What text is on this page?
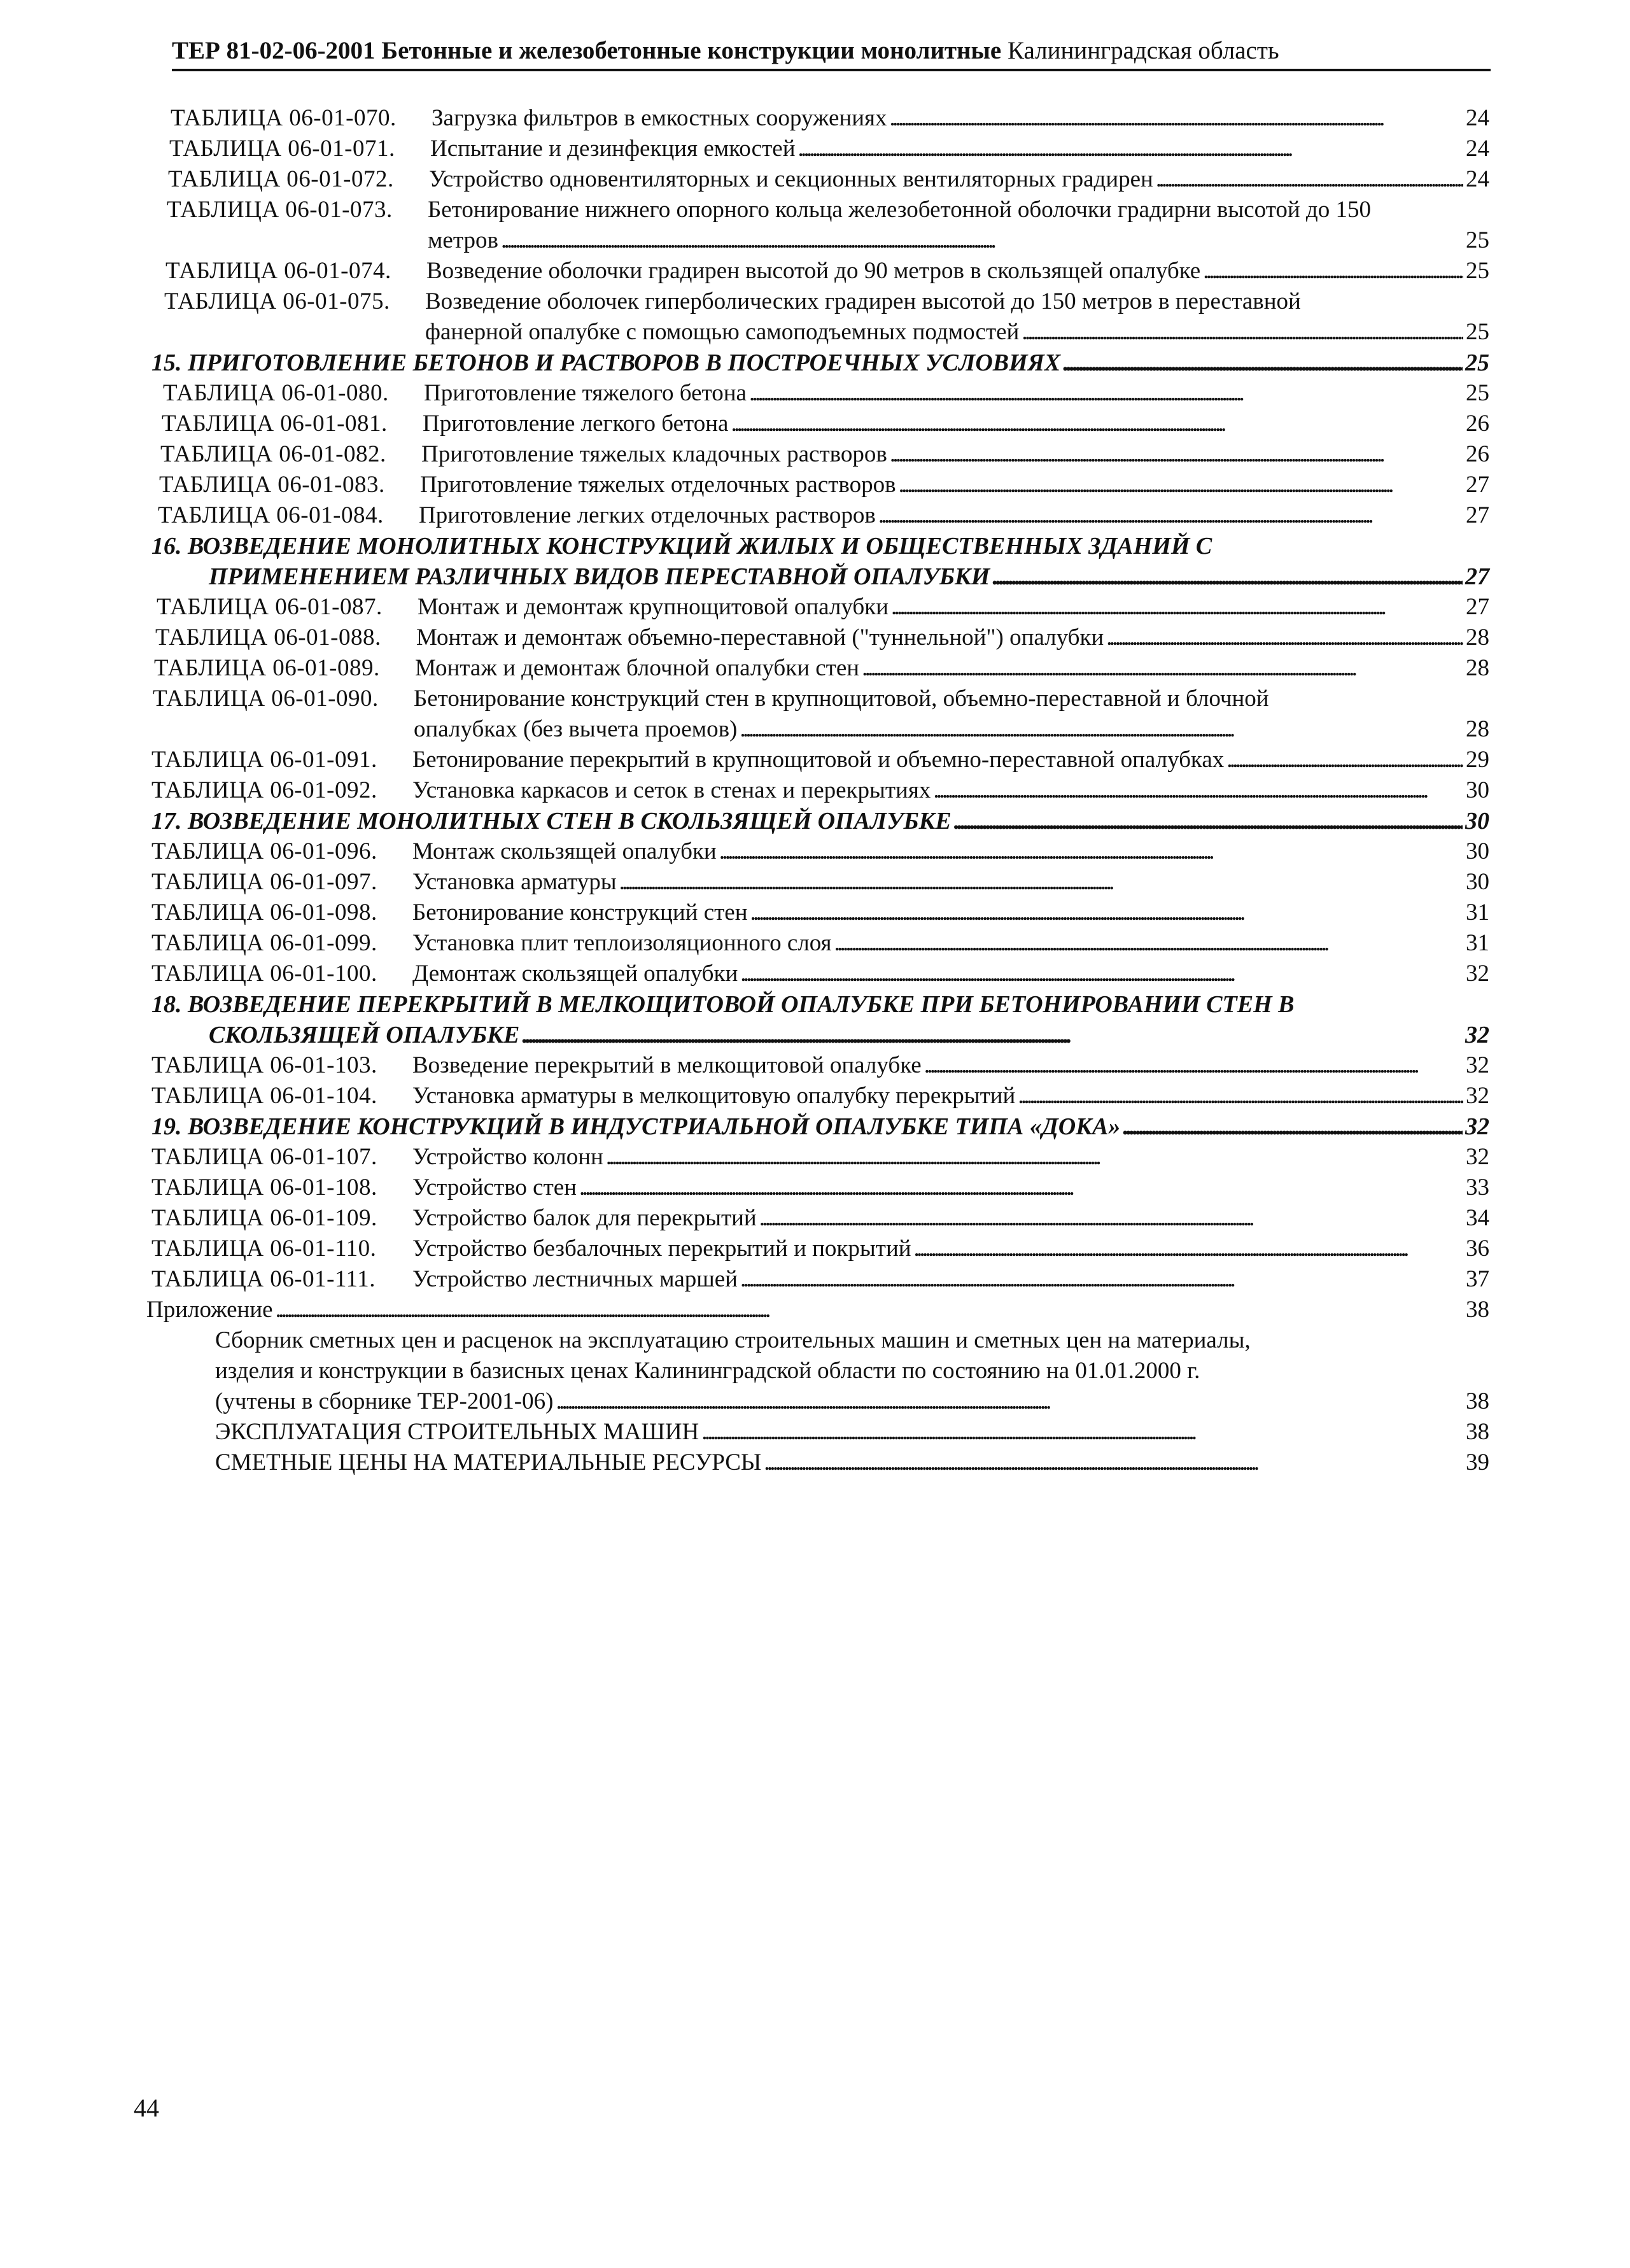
ТЕР 81-02-06-2001 Бетонные и железобетонные конструкции монолитные Калининградская область
ТАБЛИЦА 06-01-070.	Загрузка фильтров в емкостных сооружениях . . .	24
ТАБЛИЦА 06-01-071.	Испытание и дезинфекция емкостей . . .	24
ТАБЛИЦА 06-01-072.	Устройство одновентиляторных и секционных вентиляторных градирен . . .	24
ТАБЛИЦА 06-01-073.	Бетонирование нижнего опорного кольца железобетонной оболочки градирни высотой до 150
метров . . .	25
ТАБЛИЦА 06-01-074.	Возведение оболочки градирен высотой до 90 метров в скользящей опалубке . . .	25
ТАБЛИЦА 06-01-075.	Возведение оболочек гиперболических градирен высотой до 150 метров в переставной
фанерной опалубке с помощью самоподъемных подмостей . . .	25
15. ПРИГОТОВЛЕНИЕ БЕТОНОВ И РАСТВОРОВ В ПОСТРОЕЧНЫХ УСЛОВИЯХ . . .	25
ТАБЛИЦА 06-01-080.	Приготовление тяжелого бетона . . .	25
ТАБЛИЦА 06-01-081.	Приготовление легкого бетона . . .	26
ТАБЛИЦА 06-01-082.	Приготовление тяжелых кладочных растворов . . .	26
ТАБЛИЦА 06-01-083.	Приготовление тяжелых отделочных растворов . . .	27
ТАБЛИЦА 06-01-084.	Приготовление легких отделочных растворов . . .	27
16. ВОЗВЕДЕНИЕ МОНОЛИТНЫХ КОНСТРУКЦИЙ ЖИЛЫХ И ОБЩЕСТВЕННЫХ ЗДАНИЙ С
ПРИМЕНЕНИЕМ РАЗЛИЧНЫХ ВИДОВ ПЕРЕСТАВНОЙ ОПАЛУБКИ . . .	27
ТАБЛИЦА 06-01-087.	Монтаж и демонтаж крупнощитовой опалубки . . .	27
ТАБЛИЦА 06-01-088.	Монтаж и демонтаж объемно-переставной ("туннельной") опалубки . . .	28
ТАБЛИЦА 06-01-089.	Монтаж и демонтаж блочной опалубки стен . . .	28
ТАБЛИЦА 06-01-090.	Бетонирование конструкций стен в крупнощитовой, объемно-переставной и блочной
опалубках (без вычета проемов) . . .	28
ТАБЛИЦА 06-01-091.	Бетонирование перекрытий в крупнощитовой и объемно-переставной опалубках . . .	29
ТАБЛИЦА 06-01-092.	Установка каркасов и сеток в стенах и перекрытиях . . .	30
17. ВОЗВЕДЕНИЕ МОНОЛИТНЫХ СТЕН В СКОЛЬЗЯЩЕЙ ОПАЛУБКЕ . . .	30
ТАБЛИЦА 06-01-096.	Монтаж скользящей опалубки . . .	30
ТАБЛИЦА 06-01-097.	Установка арматуры . . .	30
ТАБЛИЦА 06-01-098.	Бетонирование конструкций стен . . .	31
ТАБЛИЦА 06-01-099.	Установка плит теплоизоляционного слоя . . .	31
ТАБЛИЦА 06-01-100.	Демонтаж скользящей опалубки . . .	32
18. ВОЗВЕДЕНИЕ ПЕРЕКРЫТИЙ В МЕЛКОЩИТОВОЙ ОПАЛУБКЕ ПРИ БЕТОНИРОВАНИИ СТЕН В
СКОЛЬЗЯЩЕЙ ОПАЛУБКЕ . . .	32
ТАБЛИЦА 06-01-103.	Возведение перекрытий в мелкощитовой опалубке . . .	32
ТАБЛИЦА 06-01-104.	Установка арматуры в мелкощитовую опалубку перекрытий . . .	32
19. ВОЗВЕДЕНИЕ КОНСТРУКЦИЙ В ИНДУСТРИАЛЬНОЙ ОПАЛУБКЕ ТИПА «ДОКА» . . .	32
ТАБЛИЦА 06-01-107.	Устройство колонн . . .	32
ТАБЛИЦА 06-01-108.	Устройство стен . . .	33
ТАБЛИЦА 06-01-109.	Устройство балок для перекрытий . . .	34
ТАБЛИЦА 06-01-110.	Устройство безбалочных перекрытий и покрытий . . .	36
ТАБЛИЦА 06-01-111.	Устройство лестничных маршей . . .	37
Приложение . . .	38
Сборник сметных цен и расценок на эксплуатацию строительных машин и сметных цен на материалы,
изделия и конструкции в базисных ценах Калининградской области по состоянию на 01.01.2000 г.
(учтены в сборнике ТЕР-2001-06) . . .	38
ЭКСПЛУАТАЦИЯ СТРОИТЕЛЬНЫХ МАШИН . . .	38
СМЕТНЫЕ ЦЕНЫ НА МАТЕРИАЛЬНЫЕ РЕСУРСЫ . . .	39
44
